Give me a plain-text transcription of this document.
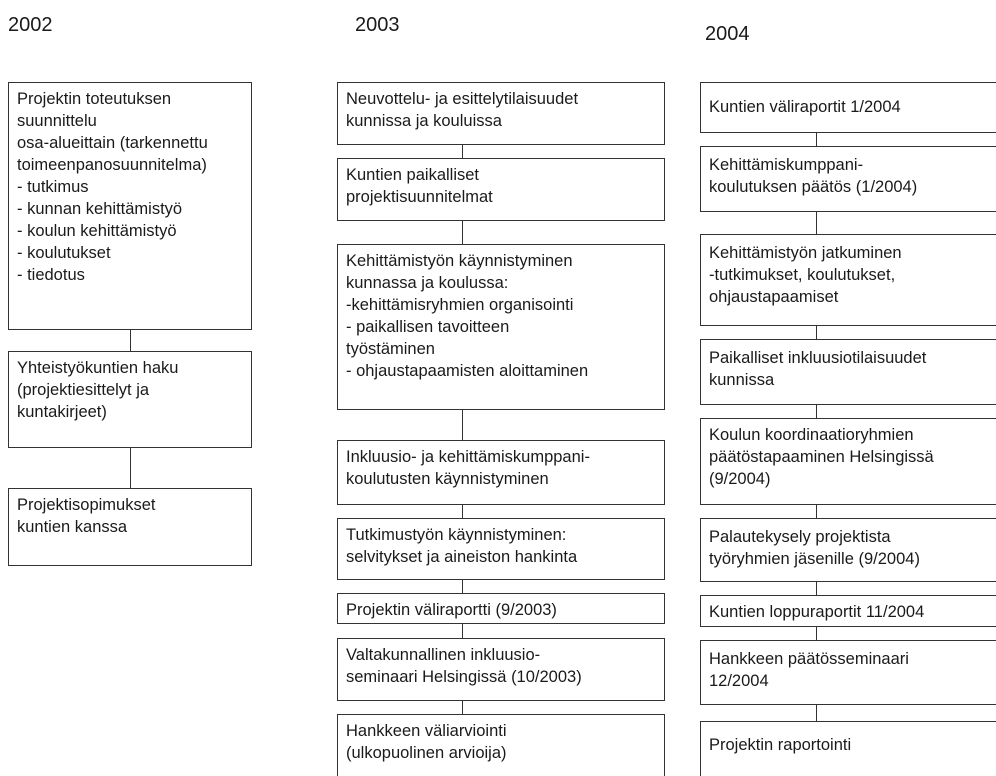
2002	2003	2004
Projektin toteutuksen
suunnittelu
osa-alueittain (tarkennettu
toimeenpanosuunnitelma)
- tutkimus
- kunnan kehittämistyö
- koulun kehittämistyö
- koulutukset
- tiedotus
Yhteistyökuntien haku
(projektiesittelyt ja
kuntakirjeet)
Projektisopimukset
kuntien kanssa
Neuvottelu- ja esittelytilaisuudet
kunnissa ja kouluissa
Kuntien paikalliset
projektisuunnitelmat
Kehittämistyön käynnistyminen
kunnassa ja koulussa:
-kehittämisryhmien organisointi
- paikallisen tavoitteen
työstäminen
- ohjaustapaamisten aloittaminen
Inkluusio- ja kehittämiskumppani-
koulutusten käynnistyminen
Tutkimustyön käynnistyminen:
selvitykset ja aineiston hankinta
Projektin väliraportti (9/2003)
Valtakunnallinen inkluusio-
seminaari Helsingissä (10/2003)
Hankkeen väliarviointi
(ulkopuolinen arvioija)
Kuntien väliraportit 1/2004
Kehittämiskumppani-
koulutuksen päätös (1/2004)
Kehittämistyön jatkuminen
-tutkimukset, koulutukset,
ohjaustapaamiset
Paikalliset inkluusiotilaisuudet
kunnissa
Koulun koordinaatioryhmien
päätöstapaaminen Helsingissä
(9/2004)
Palautekysely projektista
työryhmien jäsenille (9/2004)
Kuntien loppuraportit 11/2004
Hankkeen päätösseminaari
12/2004
Projektin raportointi
